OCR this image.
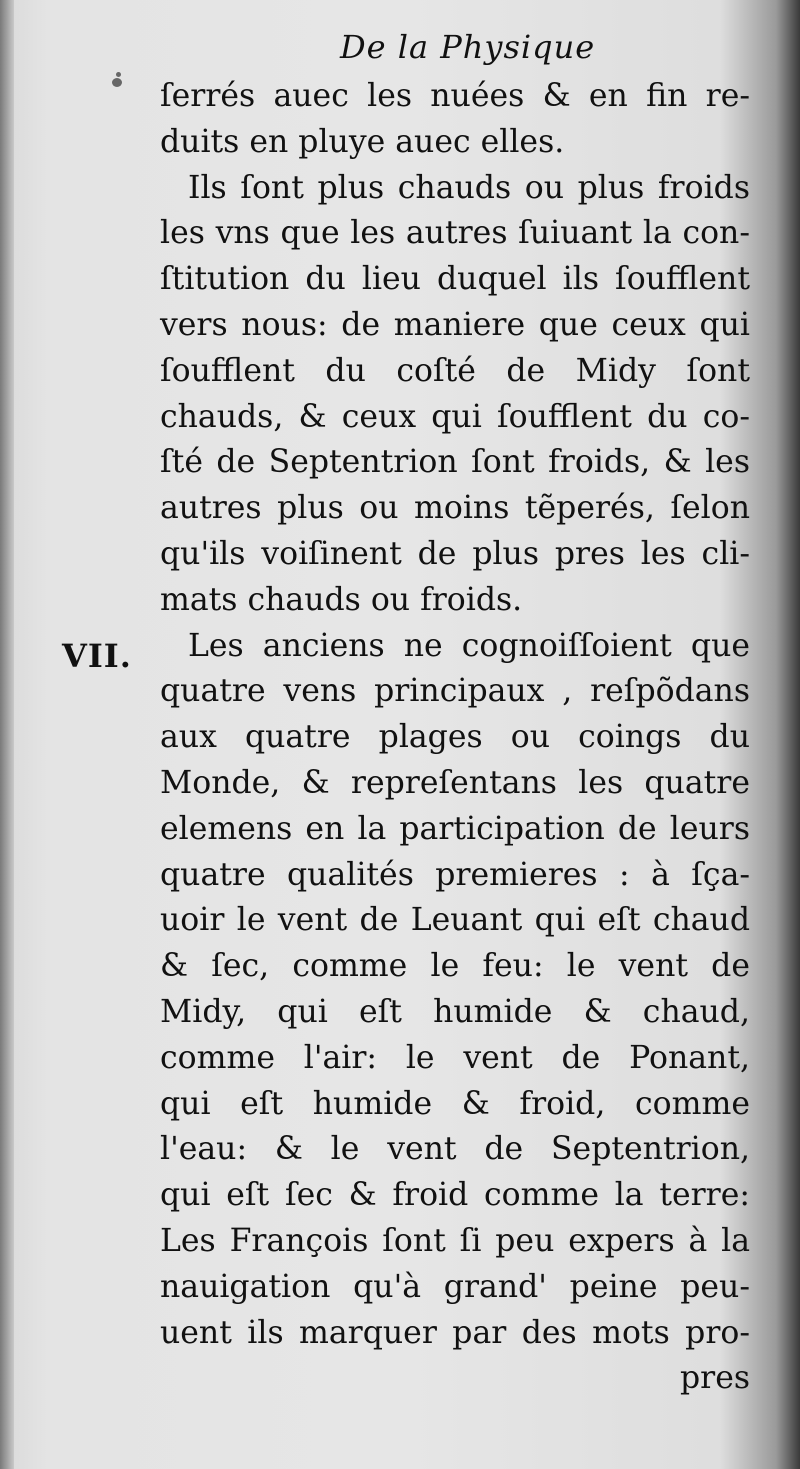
De la Physique
VII.
ſerrés auec les nuées & en fin re-
duits en pluye auec elles.
Ils ſont plus chauds ou plus froids
les vns que les autres ſuiuant la con-
ſtitution du lieu duquel ils ſoufflent
vers nous: de maniere que ceux qui
ſoufflent du coſté de Midy ſont
chauds, & ceux qui ſoufflent du co-
ſté de Septentrion ſont froids, & les
autres plus ou moins tẽperés, ſelon
qu'ils voiſinent de plus pres les cli-
mats chauds ou froids.
Les anciens ne cognoiſſoient que
quatre vens principaux , reſpõdans
aux quatre plages ou coings du
Monde, & repreſentans les quatre
elemens en la participation de leurs
quatre qualités premieres : à ſça-
uoir le vent de Leuant qui eſt chaud
& ſec, comme le feu: le vent de
Midy, qui eſt humide & chaud,
comme l'air: le vent de Ponant,
qui eſt humide & froid, comme
l'eau: & le vent de Septentrion,
qui eſt ſec & froid comme la terre:
Les François ſont ſi peu expers à la
nauigation qu'à grand' peine peu-
uent ils marquer par des mots pro-
pres
